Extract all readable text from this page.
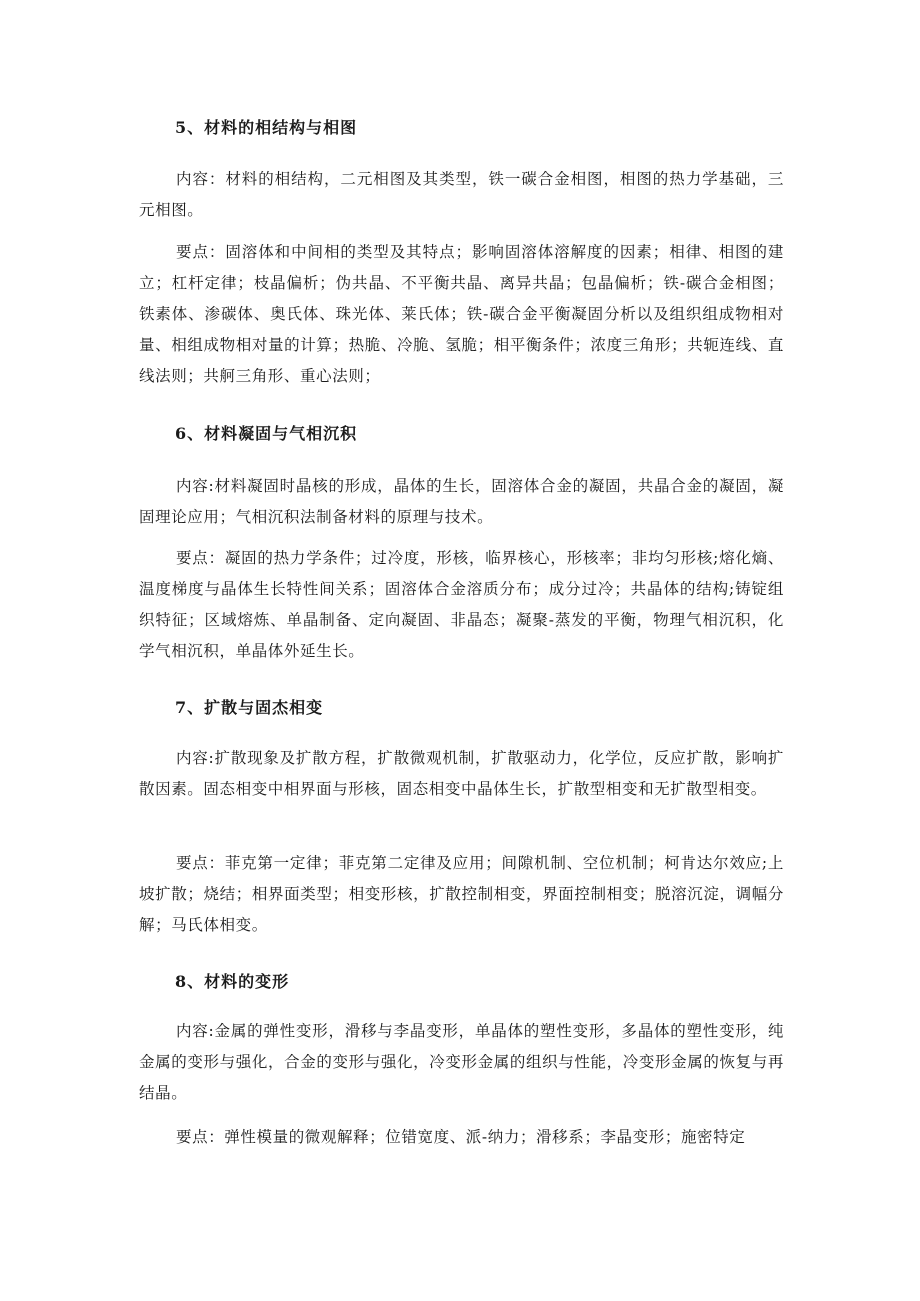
5、材料的相结构与相图
内容：材料的相结构，二元相图及其类型，铁一碳合金相图，相图的热力学基础，三元相图。
要点：固溶体和中间相的类型及其特点；影响固溶体溶解度的因素；相律、相图的建立；杠杆定律；枝晶偏析；伪共晶、不平衡共晶、离异共晶；包晶偏析；铁-碳合金相图；铁素体、渗碳体、奥氏体、珠光体、莱氏体；铁-碳合金平衡凝固分析以及组织组成物相对量、相组成物相对量的计算；热脆、冷脆、氢脆；相平衡条件；浓度三角形；共轭连线、直线法则；共舸三角形、重心法则；
6、材料凝固与气相沉积
内容:材料凝固时晶核的形成，晶体的生长，固溶体合金的凝固，共晶合金的凝固，凝固理论应用；气相沉积法制备材料的原理与技术。
要点：凝固的热力学条件；过冷度，形核，临界核心，形核率；非均匀形核;熔化熵、温度梯度与晶体生长特性间关系；固溶体合金溶质分布；成分过冷；共晶体的结构;铸锭组织特征；区域熔炼、单晶制备、定向凝固、非晶态；凝聚-蒸发的平衡，物理气相沉积，化学气相沉积，单晶体外延生长。
7、扩散与固杰相变
内容:扩散现象及扩散方程，扩散微观机制，扩散驱动力，化学位，反应扩散，影响扩散因素。固态相变中相界面与形核，固态相变中晶体生长，扩散型相变和无扩散型相变。
要点：菲克第一定律；菲克第二定律及应用；间隙机制、空位机制；柯肯达尔效应;上坡扩散；烧结；相界面类型；相变形核，扩散控制相变，界面控制相变；脱溶沉淀，调幅分解；马氏体相变。
8、材料的变形
内容:金属的弹性变形，滑移与李晶变形，单晶体的塑性变形，多晶体的塑性变形，纯金属的变形与强化，合金的变形与强化，冷变形金属的组织与性能，冷变形金属的恢复与再结晶。
要点：弹性模量的微观解释；位错宽度、派-纳力；滑移系；李晶变形；施密特定
